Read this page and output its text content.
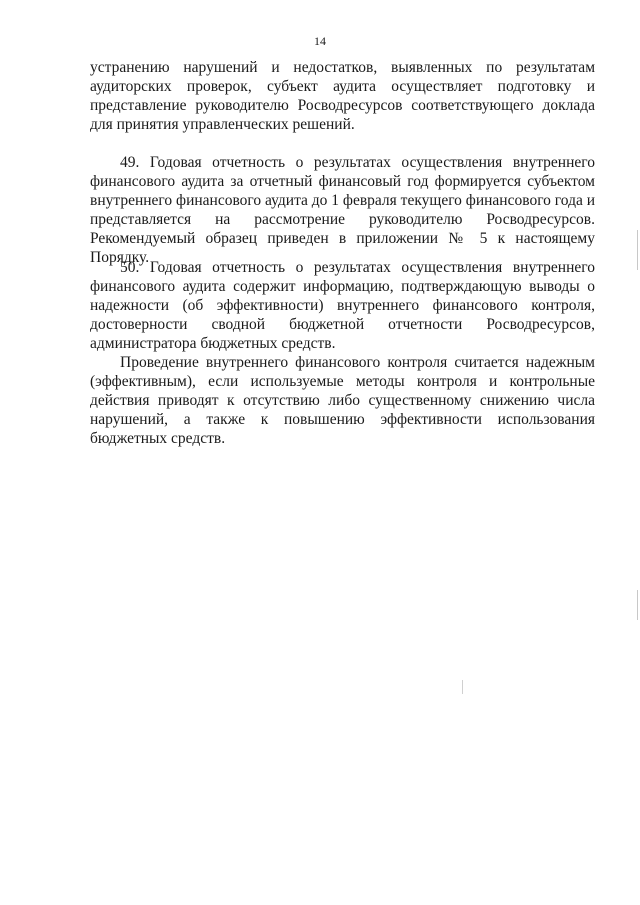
14

устранению нарушений и недостатков, выявленных по результатам аудиторских проверок, субъект аудита осуществляет подготовку и представление руководителю Росводресурсов соответствующего доклада для принятия управленческих решений.

49. Годовая отчетность о результатах осуществления внутреннего финансового аудита за отчетный финансовый год формируется субъектом внутреннего финансового аудита до 1 февраля текущего финансового года и представляется на рассмотрение руководителю Росводресурсов. Рекомендуемый образец приведен в приложении № 5 к настоящему Порядку.

50. Годовая отчетность о результатах осуществления внутреннего финансового аудита содержит информацию, подтверждающую выводы о надежности (об эффективности) внутреннего финансового контроля, достоверности сводной бюджетной отчетности Росводресурсов, администратора бюджетных средств.

Проведение внутреннего финансового контроля считается надежным (эффективным), если используемые методы контроля и контрольные действия приводят к отсутствию либо существенному снижению числа нарушений, а также к повышению эффективности использования бюджетных средств.
